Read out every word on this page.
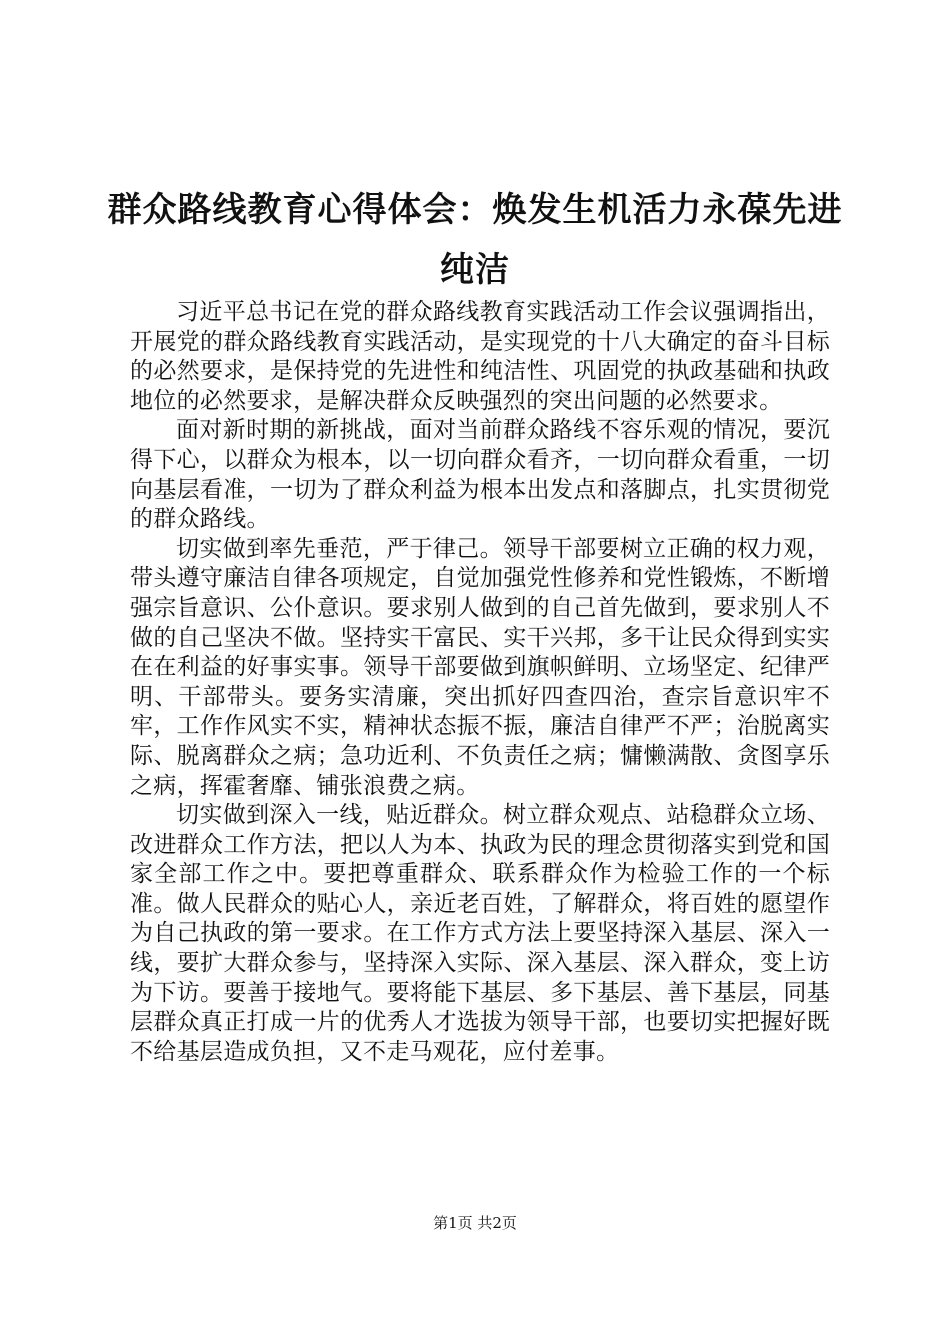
群众路线教育心得体会：焕发生机活力永葆先进纯洁

习近平总书记在党的群众路线教育实践活动工作会议强调指出，开展党的群众路线教育实践活动，是实现党的十八大确定的奋斗目标的必然要求，是保持党的先进性和纯洁性、巩固党的执政基础和执政地位的必然要求，是解决群众反映强烈的突出问题的必然要求。

面对新时期的新挑战，面对当前群众路线不容乐观的情况，要沉得下心，以群众为根本，以一切向群众看齐，一切向群众看重，一切向基层看准，一切为了群众利益为根本出发点和落脚点，扎实贯彻党的群众路线。

切实做到率先垂范，严于律己。领导干部要树立正确的权力观，带头遵守廉洁自律各项规定，自觉加强党性修养和党性锻炼，不断增强宗旨意识、公仆意识。要求别人做到的自己首先做到，要求别人不做的自己坚决不做。坚持实干富民、实干兴邦，多干让民众得到实实在在利益的好事实事。领导干部要做到旗帜鲜明、立场坚定、纪律严明、干部带头。要务实清廉，突出抓好四查四治，查宗旨意识牢不牢，工作作风实不实，精神状态振不振，廉洁自律严不严；治脱离实际、脱离群众之病；急功近利、不负责任之病；慵懒满散、贪图享乐之病，挥霍奢靡、铺张浪费之病。

切实做到深入一线，贴近群众。树立群众观点、站稳群众立场、改进群众工作方法，把以人为本、执政为民的理念贯彻落实到党和国家全部工作之中。要把尊重群众、联系群众作为检验工作的一个标准。做人民群众的贴心人，亲近老百姓，了解群众，将百姓的愿望作为自己执政的第一要求。在工作方式方法上要坚持深入基层、深入一线，要扩大群众参与，坚持深入实际、深入基层、深入群众，变上访为下访。要善于接地气。要将能下基层、多下基层、善下基层，同基层群众真正打成一片的优秀人才选拔为领导干部，也要切实把握好既不给基层造成负担，又不走马观花，应付差事。

第1页 共2页
